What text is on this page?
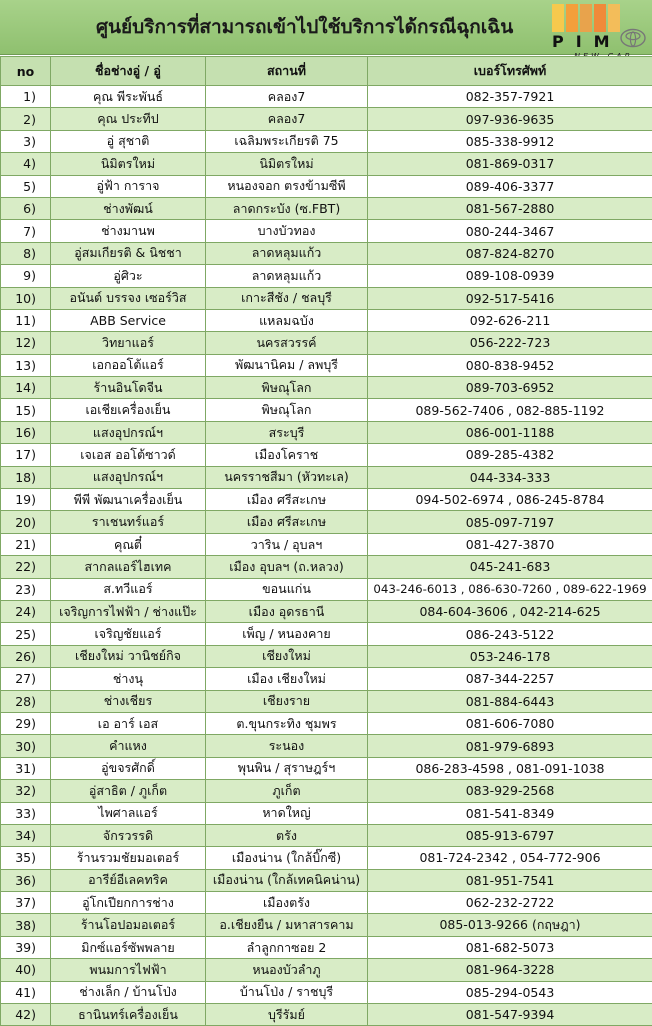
ศูนย์บริการที่สามารถเข้าไปใช้บริการได้กรณีฉุกเฉิน
PIM
no	ชื่อช่างอู่ / อู่	สถานที่	เบอร์โทรศัพท์
1)	คุณ พีระพันธ์	คลอง7	082-357-7921
2)	คุณ ประทีป	คลอง7	097-936-9635
3)	อู่ สุชาติ	เฉลิมพระเกียรติ 75	085-338-9912
4)	นิมิตรใหม่	นิมิตรใหม่	081-869-0317
5)	อู่ฟ้า การาจ	หนองจอก ตรงข้ามซีพี	089-406-3377
6)	ช่างพัฒน์	ลาดกระบัง (ซ.FBT)	081-567-2880
7)	ช่างมานพ	บางบัวทอง	080-244-3467
8)	อู่สมเกียรติ & นิชชา	ลาดหลุมแก้ว	087-824-8270
9)	อู่ศิวะ	ลาดหลุมแก้ว	089-108-0939
10)	อนันต์ บรรจง เซอร์วิส	เกาะสีชัง / ชลบุรี	092-517-5416
11)	ABB Service	แหลมฉบัง	092-626-211
12)	วิทยาแอร์	นครสวรรค์	056-222-723
13)	เอกออโต้แอร์	พัฒนานิคม / ลพบุรี	080-838-9452
14)	ร้านอินโดจีน	พิษณุโลก	089-703-6952
15)	เอเชียเครื่องเย็น	พิษณุโลก	089-562-7406 , 082-885-1192
16)	แสงอุปกรณ์ฯ	สระบุรี	086-001-1188
17)	เจเอส ออโต้ซาวด์	เมืองโคราช	089-285-4382
18)	แสงอุปกรณ์ฯ	นครราชสีมา (หัวทะเล)	044-334-333
19)	พีพี พัฒนาเครื่องเย็น	เมือง ศรีสะเกษ	094-502-6974 , 086-245-8784
20)	ราเชนทร์แอร์	เมือง ศรีสะเกษ	085-097-7197
21)	คุณตี๋	วาริน / อุบลฯ	081-427-3870
22)	สากลแอร์ไฮเทค	เมือง อุบลฯ (ถ.หลวง)	045-241-683
23)	ส.ทวีแอร์	ขอนแก่น	043-246-6013 , 086-630-7260 , 089-622-1969
24)	เจริญการไฟฟ้า / ช่างแป๊ะ	เมือง อุดรธานี	084-604-3606 , 042-214-625
25)	เจริญชัยแอร์	เพ็ญ / หนองคาย	086-243-5122
26)	เชียงใหม่ วานิชย์กิจ	เชียงใหม่	053-246-178
27)	ช่างนุ	เมือง เชียงใหม่	087-344-2257
28)	ช่างเชียร	เชียงราย	081-884-6443
29)	เอ อาร์ เอส	ต.ขุนกระทิง ชุมพร	081-606-7080
30)	คำแหง	ระนอง	081-979-6893
31)	อู่ขจรศักดิ์	พุนพิน / สุราษฎร์ฯ	086-283-4598 , 081-091-1038
32)	อู่สาธิต / ภูเก็ต	ภูเก็ต	083-929-2568
33)	ไพศาลแอร์	หาดใหญ่	081-541-8349
34)	จักรวรรดิ	ตรัง	085-913-6797
35)	ร้านรวมชัยมอเตอร์	เมืองน่าน (ใกล้บิ๊กซี)	081-724-2342 , 054-772-906
36)	อารีย์อีเลคทริค	เมืองน่าน (ใกล้เทคนิคน่าน)	081-951-7541
37)	อู่โกเปียกการช่าง	เมืองตรัง	062-232-2722
38)	ร้านโอปอมอเตอร์	อ.เชียงยืน / มหาสารคาม	085-013-9266 (กฤษฎา)
39)	มิกซ์แอร์ซัพพลาย	ลำลูกกาซอย 2	081-682-5073
40)	พนมการไฟฟ้า	หนองบัวลำภู	081-964-3228
41)	ช่างเล็ก / บ้านโป่ง	บ้านโป่ง / ราชบุรี	085-294-0543
42)	ธานินทร์เครื่องเย็น	บุรีรัมย์	081-547-9394
